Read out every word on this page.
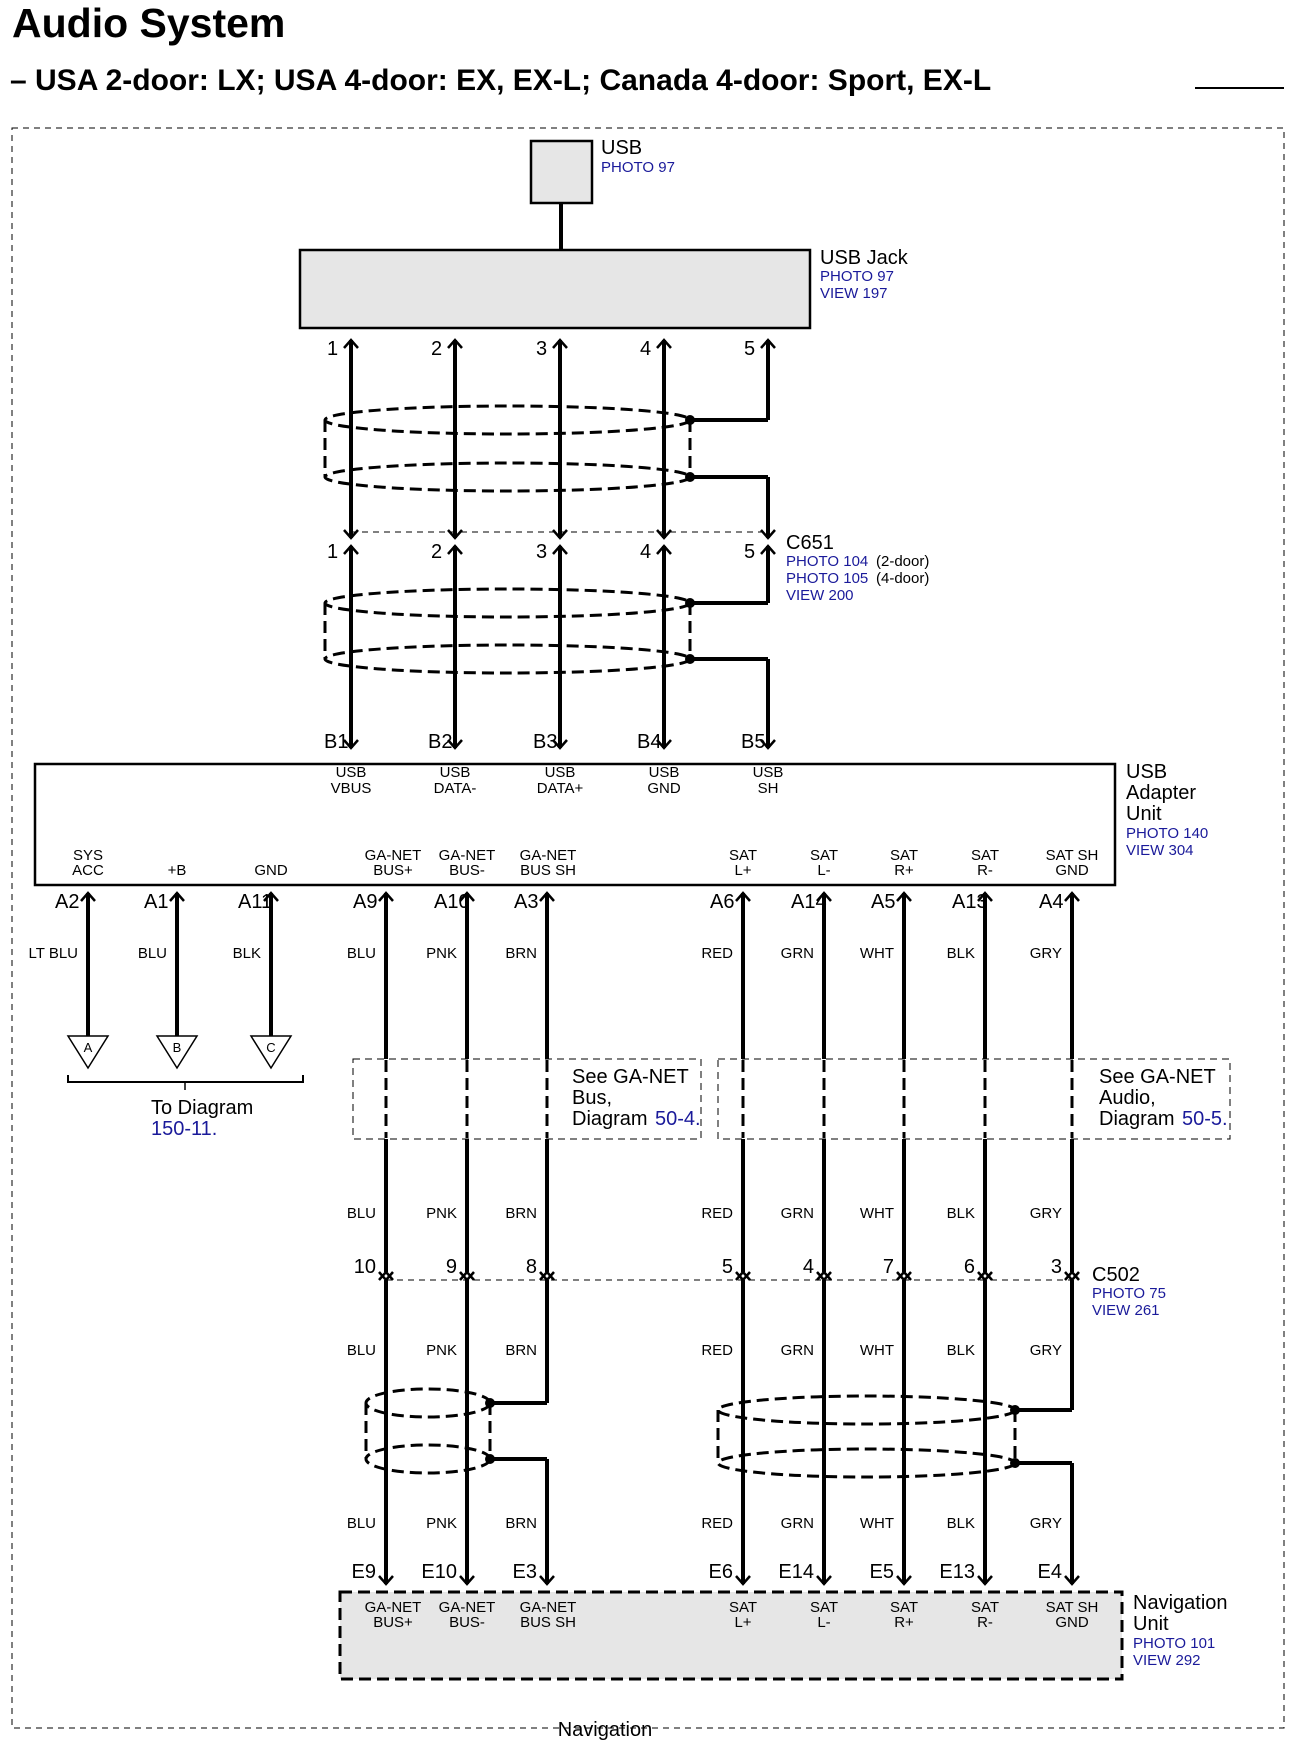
Audio System
– USA 2-door: LX; USA 4-door: EX, EX-L; Canada 4-door: Sport, EX-L
USB
PHOTO 97
USB Jack
PHOTO 97
VIEW 197
1
1
B1
2
2
B2
3
3
B3
4
4
B4
5
5
B5
C651
PHOTO 104 (2-door)
PHOTO 105 (4-door)
VIEW 200
USB
Adapter
Unit
PHOTO 140
VIEW 304
USB
VBUS
USB
DATA-
USB
DATA+
USB
GND
USB
SH
SYS
ACC
A2
LT BLU
+B
A1
BLU
GND
A11
BLK
GA-NET
BUS+
A9
BLU
GA-NET
BUS-
A10
PNK
GA-NET
BUS SH
A3
BRN
SAT
L+
A6
RED
SAT
L-
A14
GRN
SAT
R+
A5
WHT
SAT
R-
A13
BLK
SAT SH
GND
A4
GRY
A	B	C
To Diagram
150-11.
BLU
10
BLU
BLU
E9
PNK
9
PNK
PNK
E10
BRN
8
BRN
BRN
E3
RED
5
RED
RED
E6
GRN
4
GRN
GRN
E14
WHT
7
WHT
WHT
E5
BLK
6
BLK
BLK
E13
GRY
3
GRY
GRY
E4
C502
PHOTO 75
VIEW 261
See GA-NET
Bus,
Diagram 50-4.
See GA-NET
Audio,
Diagram 50-5.
GA-NET
BUS+
GA-NET
BUS-
GA-NET
BUS SH
SAT
L+
SAT
L-
SAT
R+
SAT
R-
SAT SH
GND
Navigation
Unit
PHOTO 101
VIEW 292
Navigation
